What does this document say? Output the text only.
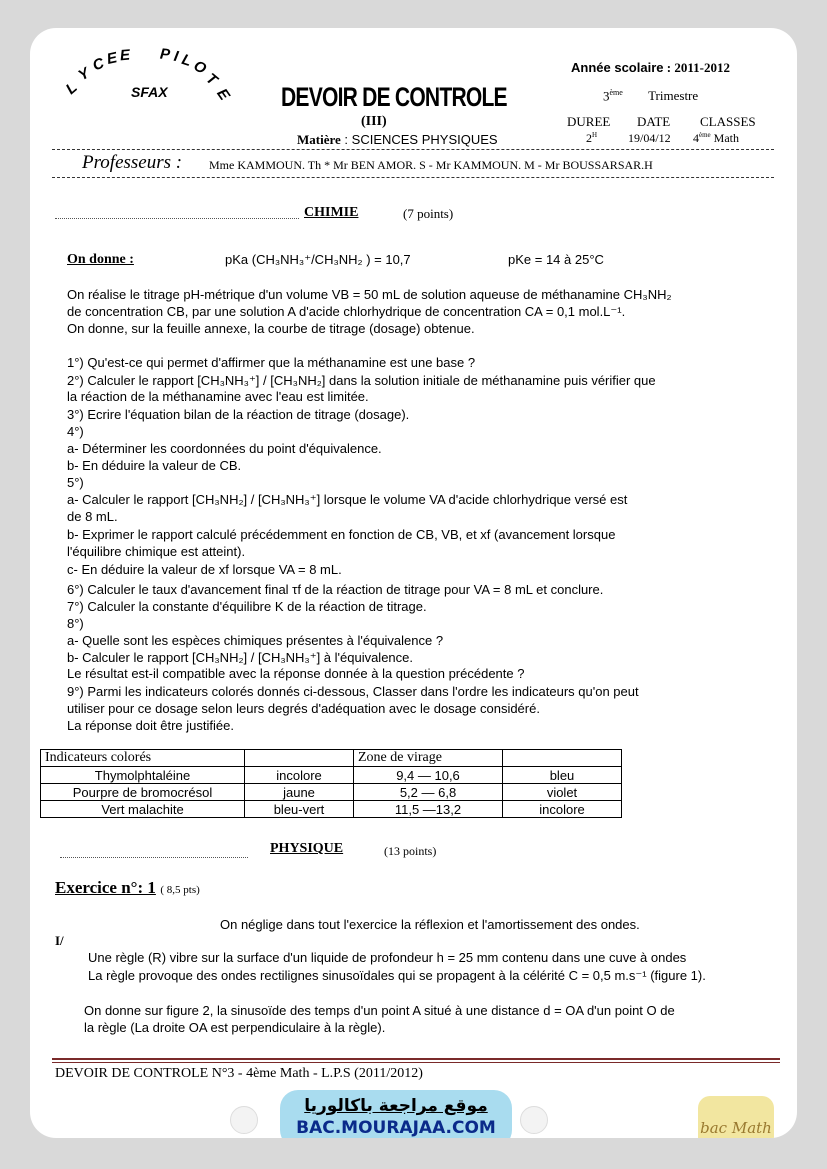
L
Y
C
E E P I L
O
T
E
SFAX	DEVOIR DE CONTROLE
(III)
Matière : SCIENCES PHYSIQUES
Année scolaire : 2011-2012
3ème Trimestre
DUREE DATE CLASSES
$2^H$	19/04/12 4ème Math
Professeurs : Mme KAMMOUN. Th * Mr BEN AMOR. S - Mr KAMMOUN. M - Mr BOUSSARSAR.H
CHIMIE	(7 points)
On donne :	pKa (CH₃NH₃⁺/CH₃NH₂ ) = 10,7	pKe = 14 à 25°C
On réalise le titrage pH-métrique d'un volume VB = 50 mL de solution aqueuse de méthanamine CH₃NH₂
de concentration CB, par une solution A d'acide chlorhydrique de concentration CA = 0,1 mol.L⁻¹.
On donne, sur la feuille annexe, la courbe de titrage (dosage) obtenue.
1°) Qu'est-ce qui permet d'affirmer que la méthanamine est une base ?
2°) Calculer le rapport [CH₃NH₃⁺] / [CH₃NH₂] dans la solution initiale de méthanamine puis vérifier que
la réaction de la méthanamine avec l'eau est limitée.
3°) Ecrire l'équation bilan de la réaction de titrage (dosage).
4°)
a- Déterminer les coordonnées du point d'équivalence.
b- En déduire la valeur de CB.
5°)
a- Calculer le rapport [CH₃NH₂] / [CH₃NH₃⁺] lorsque le volume VA d'acide chlorhydrique versé est
de 8 mL.
b- Exprimer le rapport calculé précédemment en fonction de CB, VB, et xf (avancement lorsque
l'équilibre chimique est atteint).
c- En déduire la valeur de xf lorsque VA = 8 mL.
6°) Calculer le taux d'avancement final τf de la réaction de titrage pour VA = 8 mL et conclure.
7°) Calculer la constante d'équilibre K de la réaction de titrage.
8°)
a- Quelle sont les espèces chimiques présentes à l'équivalence ?
b- Calculer le rapport [CH₃NH₂] / [CH₃NH₃⁺] à l'équivalence.
Le résultat est-il compatible avec la réponse donnée à la question précédente ?
9°) Parmi les indicateurs colorés donnés ci-dessous, Classer dans l'ordre les indicateurs qu'on peut
utiliser pour ce dosage selon leurs degrés d'adéquation avec le dosage considéré.
La réponse doit être justifiée.
Indicateurs colorés		Zone de virage	
Thymolphtaléine	incolore	9,4 — 10,6	bleu
Pourpre de bromocrésol	jaune	5,2 — 6,8	violet
Vert malachite	bleu-vert	11,5 —13,2	incolore
PHYSIQUE	(13 points)
Exercice n°: 1 ( 8,5 pts)
On néglige dans tout l'exercice la réflexion et l'amortissement des ondes.
I/
Une règle (R) vibre sur la surface d'un liquide de profondeur h = 25 mm contenu dans une cuve à ondes
La règle provoque des ondes rectilignes sinusoïdales qui se propagent à la célérité C = 0,5 m.s⁻¹ (figure 1).
On donne sur figure 2, la sinusoïde des temps d'un point A situé à une distance d = OA d'un point O de
la règle (La droite OA est perpendiculaire à la règle).
DEVOIR DE CONTROLE N°3 - 4ème Math - L.P.S (2011/2012)
موقع مراجعة باكالوريا
BAC.MOURAJAA.COM	bac Math
